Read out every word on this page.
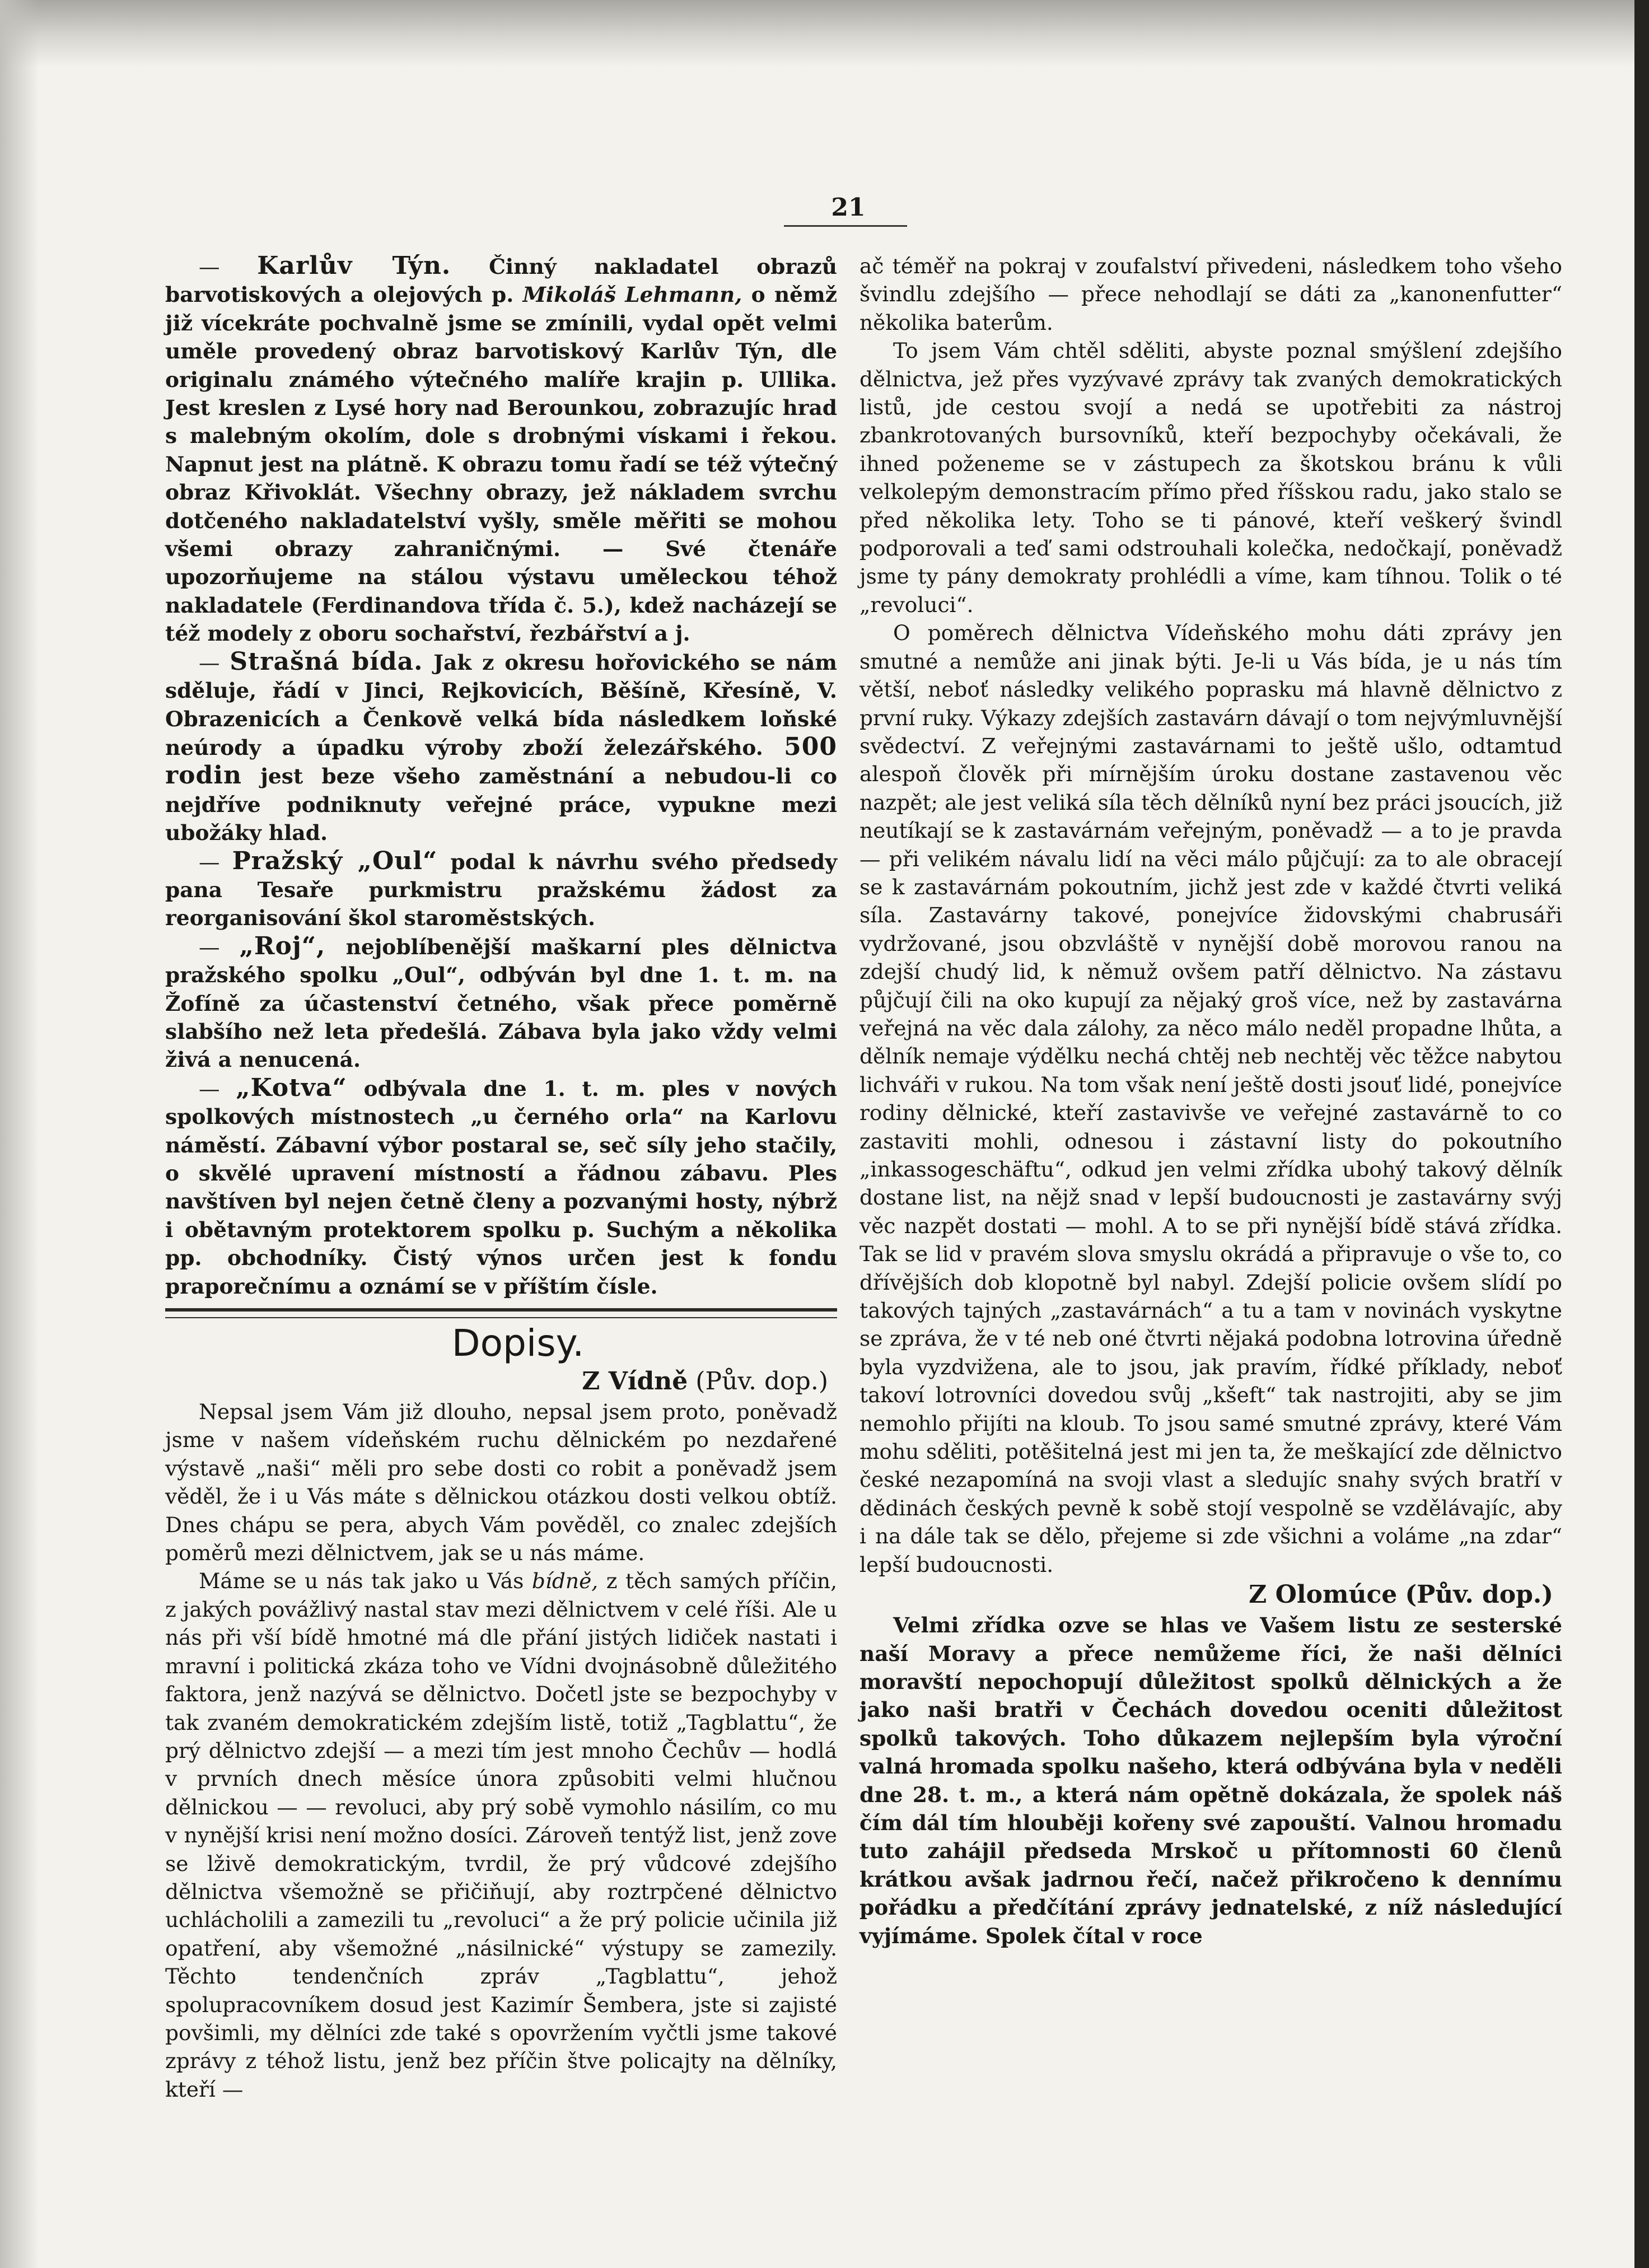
21

— Karlův Týn. Činný nakladatel obrazů barvotiskových a olejových p. Mikoláš Lehmann, o němž již vícekráte pochvalně jsme se zmínili, vydal opět velmi uměle provedený obraz barvotiskový Karlův Týn, dle originalu známého výtečného malíře krajin p. Ullika. Jest kreslen z Lysé hory nad Berounkou, zobrazujíc hrad s malebným okolím, dole s drobnými vískami i řekou. Napnut jest na plátně. K obrazu tomu řadí se též výtečný obraz Křivoklát. Všechny obrazy, jež nákladem svrchu dotčeného nakladatelství vyšly, směle měřiti se mohou všemi obrazy zahraničnými. — Své čtenáře upozorňujeme na stálou výstavu uměleckou téhož nakladatele (Ferdinandova třída č. 5.), kdež nacházejí se též modely z oboru sochařství, řezbářství a j.

— Strašná bída. Jak z okresu hořovického se nám sděluje, řádí v Jinci, Rejkovicích, Běšíně, Křesíně, V. Obrazenicích a Čenkově velká bída následkem loňské neúrody a úpadku výroby zboží železářského. 500 rodin jest beze všeho zaměstnání a nebudou-li co nejdříve podniknuty veřejné práce, vypukne mezi ubožáky hlad.

— Pražský „Oul“ podal k návrhu svého předsedy pana Tesaře purkmistru pražskému žádost za reorganisování škol staroměstských.

— „Roj“, nejoblíbenější maškarní ples dělnictva pražského spolku „Oul“, odbýván byl dne 1. t. m. na Žofíně za účastenství četného, však přece poměrně slabšího než leta předešlá. Zábava byla jako vždy velmi živá a nenucená.

— „Kotva“ odbývala dne 1. t. m. ples v nových spolkových místnostech „u černého orla“ na Karlovu náměstí. Zábavní výbor postaral se, seč síly jeho stačily, o skvělé upravení místností a řádnou zábavu. Ples navštíven byl nejen četně členy a pozvanými hosty, nýbrž i obětavným protektorem spolku p. Suchým a několika pp. obchodníky. Čistý výnos určen jest k fondu praporečnímu a oznámí se v příštím čísle.

Dopisy.

Z Vídně (Pův. dop.)

Nepsal jsem Vám již dlouho, nepsal jsem proto, poněvadž jsme v našem vídeňském ruchu dělnickém po nezdařené výstavě „naši“ měli pro sebe dosti co robit a poněvadž jsem věděl, že i u Vás máte s dělnickou otázkou dosti velkou obtíž. Dnes chápu se pera, abych Vám pověděl, co znalec zdejších poměrů mezi dělnictvem, jak se u nás máme.

Máme se u nás tak jako u Vás bídně, z těch samých příčin, z jakých povážlivý nastal stav mezi dělnictvem v celé říši. Ale u nás při vší bídě hmotné má dle přání jistých lidiček nastati i mravní i politická zkáza toho ve Vídni dvojnásobně důležitého faktora, jenž nazývá se dělnictvo. Dočetl jste se bezpochyby v tak zvaném demokratickém zdejším listě, totiž „Tagblattu“, že prý dělnictvo zdejší — a mezi tím jest mnoho Čechův — hodlá v prvních dnech měsíce února způsobiti velmi hlučnou dělnickou — — revoluci, aby prý sobě vymohlo násilím, co mu v nynější krisi není možno dosíci. Zároveň tentýž list, jenž zove se lživě demokratickým, tvrdil, že prý vůdcové zdejšího dělnictva všemožně se přičiňují, aby roztrpčené dělnictvo uchlácholili a zamezili tu „revoluci“ a že prý policie učinila již opatření, aby všemožné „násilnické“ výstupy se zamezily. Těchto tendenčních zpráv „Tagblattu“, jehož spolupracovníkem dosud jest Kazimír Šembera, jste si zajisté povšimli, my dělníci zde také s opovržením vyčtli jsme takové zprávy z téhož listu, jenž bez příčin štve policajty na dělníky, kteří —

ač téměř na pokraj v zoufalství přivedeni, následkem toho všeho švindlu zdejšího — přece nehodlají se dáti za „kanonenfutter“ několika baterům.

To jsem Vám chtěl sděliti, abyste poznal smýšlení zdejšího dělnictva, jež přes vyzývavé zprávy tak zvaných demokratických listů, jde cestou svojí a nedá se upotřebiti za nástroj zbankrotovaných bursovníků, kteří bezpochyby očekávali, že ihned poženeme se v zástupech za škotskou bránu k vůli velkolepým demonstracím přímo před říšskou radu, jako stalo se před několika lety. Toho se ti pánové, kteří veškerý švindl podporovali a teď sami odstrouhali kolečka, nedočkají, poněvadž jsme ty pány demokraty prohlédli a víme, kam tíhnou. Tolik o té „revoluci“.

O poměrech dělnictva Vídeňského mohu dáti zprávy jen smutné a nemůže ani jinak býti. Je-li u Vás bída, je u nás tím větší, neboť následky velikého poprasku má hlavně dělnictvo z první ruky. Výkazy zdejších zastavárn dávají o tom nejvýmluvnější svědectví. Z veřejnými zastavárnami to ještě ušlo, odtamtud alespoň člověk při mírnějším úroku dostane zastavenou věc nazpět; ale jest veliká síla těch dělníků nyní bez práci jsoucích, již neutíkají se k zastavárnám veřejným, poněvadž — a to je pravda — při velikém návalu lidí na věci málo půjčují: za to ale obracejí se k zastavárnám pokoutním, jichž jest zde v každé čtvrti veliká síla. Zastavárny takové, ponejvíce židovskými chabrusáři vydržované, jsou obzvláště v nynější době morovou ranou na zdejší chudý lid, k němuž ovšem patří dělnictvo. Na zástavu půjčují čili na oko kupují za nějaký groš více, než by zastavárna veřejná na věc dala zálohy, za něco málo neděl propadne lhůta, a dělník nemaje výdělku nechá chtěj neb nechtěj věc těžce nabytou lichváři v rukou. Na tom však není ještě dosti jsouť lidé, ponejvíce rodiny dělnické, kteří zastavivše ve veřejné zastavárně to co zastaviti mohli, odnesou i zástavní listy do pokoutního „inkassogeschäftu“, odkud jen velmi zřídka ubohý takový dělník dostane list, na nějž snad v lepší budoucnosti je zastavárny svýj věc nazpět dostati — mohl. A to se při nynější bídě stává zřídka. Tak se lid v pravém slova smyslu okrádá a připravuje o vše to, co dřívějších dob klopotně byl nabyl. Zdejší policie ovšem slídí po takových tajných „zastavárnách“ a tu a tam v novinách vyskytne se zpráva, že v té neb oné čtvrti nějaká podobna lotrovina úředně byla vyzdvižena, ale to jsou, jak pravím, řídké příklady, neboť takoví lotrovníci dovedou svůj „kšeft“ tak nastrojiti, aby se jim nemohlo přijíti na kloub. To jsou samé smutné zprávy, které Vám mohu sděliti, potěšitelná jest mi jen ta, že meškající zde dělnictvo české nezapomíná na svoji vlast a sledujíc snahy svých bratří v dědinách českých pevně k sobě stojí vespolně se vzdělávajíc, aby i na dále tak se dělo, přejeme si zde všichni a voláme „na zdar“ lepší budoucnosti.

Z Olomúce (Pův. dop.)

Velmi zřídka ozve se hlas ve Vašem listu ze sesterské naší Moravy a přece nemůžeme říci, že naši dělníci moravští nepochopují důležitost spolků dělnických a že jako naši bratři v Čechách dovedou oceniti důležitost spolků takových. Toho důkazem nejlepším byla výroční valná hromada spolku našeho, která odbývána byla v neděli dne 28. t. m., a která nám opětně dokázala, že spolek náš čím dál tím hlouběji kořeny své zapouští. Valnou hromadu tuto zahájil předseda Mrskoč u přítomnosti 60 členů krátkou avšak jadrnou řečí, načež přikročeno k dennímu pořádku a předčítání zprávy jednatelské, z níž následující vyjímáme. Spolek čítal v roce
